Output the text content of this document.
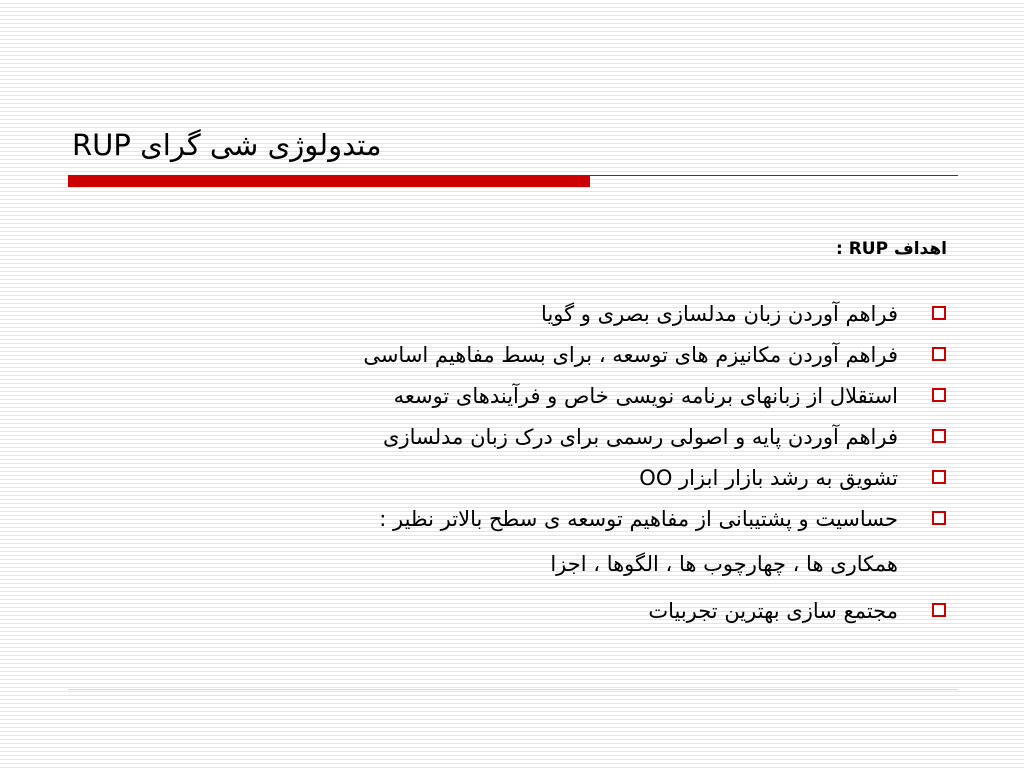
متدولوژی شی گرای RUP
اهداف RUP :
فراهم آوردن زبان مدلسازی بصری و گویا
فراهم آوردن مکانیزم های توسعه ، برای بسط مفاهیم اساسی
استقلال از زبانهای برنامه نویسی خاص و فرآیندهای توسعه
فراهم آوردن پایه و اصولی رسمی برای درک زبان مدلسازی
تشویق به رشد بازار ابزار OO
حساسیت و پشتیبانی از مفاهیم توسعه ی سطح بالاتر نظیر :
همکاری ها ، چهارچوب ها ، الگوها ، اجزا
مجتمع سازی بهترین تجربیات
